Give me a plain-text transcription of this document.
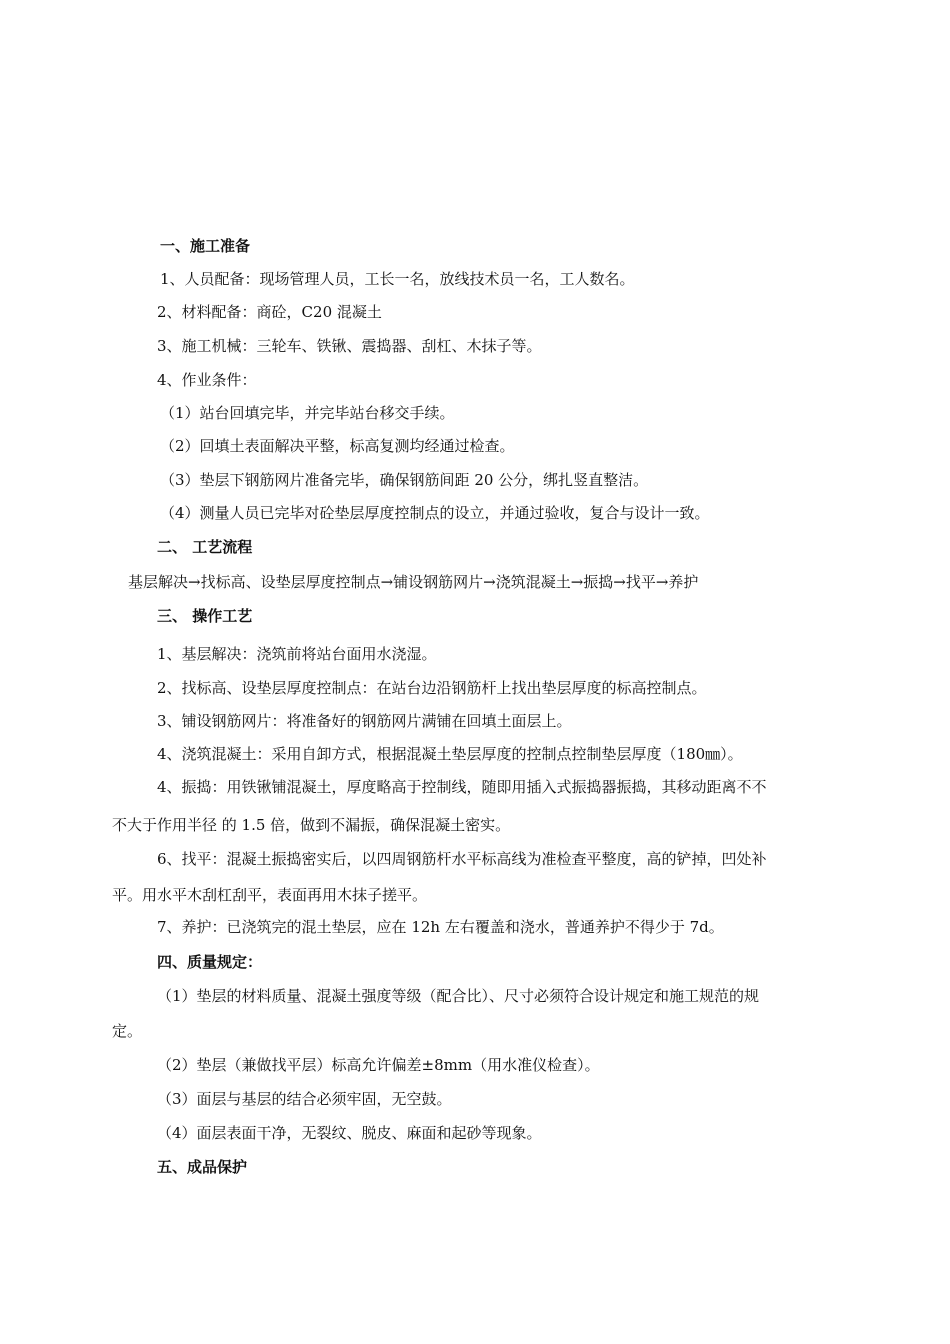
一、施工准备
1、人员配备：现场管理人员，工长一名，放线技术员一名，工人数名。
2、材料配备：商砼，C20 混凝土
3、施工机械：三轮车、铁锹、震捣器、刮杠、木抹子等。
4、作业条件：
（1）站台回填完毕，并完毕站台移交手续。
（2）回填土表面解决平整，标高复测均经通过检查。
（3）垫层下钢筋网片准备完毕，确保钢筋间距 20 公分，绑扎竖直整洁。
（4）测量人员已完毕对砼垫层厚度控制点的设立，并通过验收，复合与设计一致。
二、 工艺流程
基层解决→找标高、设垫层厚度控制点→铺设钢筋网片→浇筑混凝土→振捣→找平→养护
三、 操作工艺
1、基层解决：浇筑前将站台面用水浇湿。
2、找标高、设垫层厚度控制点：在站台边沿钢筋杆上找出垫层厚度的标高控制点。
3、铺设钢筋网片：将准备好的钢筋网片满铺在回填土面层上。
4、浇筑混凝土：采用自卸方式，根据混凝土垫层厚度的控制点控制垫层厚度（180㎜）。
4、振捣：用铁锹铺混凝土，厚度略高于控制线，随即用插入式振捣器振捣，其移动距离不不
不大于作用半径 的 1.5 倍，做到不漏振，确保混凝土密实。
6、找平：混凝土振捣密实后，以四周钢筋杆水平标高线为准检查平整度，高的铲掉，凹处补
平。用水平木刮杠刮平，表面再用木抹子搓平。
7、养护：已浇筑完的混土垫层，应在 12h 左右覆盖和浇水，普通养护不得少于 7d。
四、质量规定：
（1）垫层的材料质量、混凝土强度等级（配合比）、尺寸必须符合设计规定和施工规范的规
定。
（2）垫层（兼做找平层）标高允许偏差±8mm（用水准仪检查）。
（3）面层与基层的结合必须牢固，无空鼓。
（4）面层表面干净，无裂纹、脱皮、麻面和起砂等现象。
五、成品保护
